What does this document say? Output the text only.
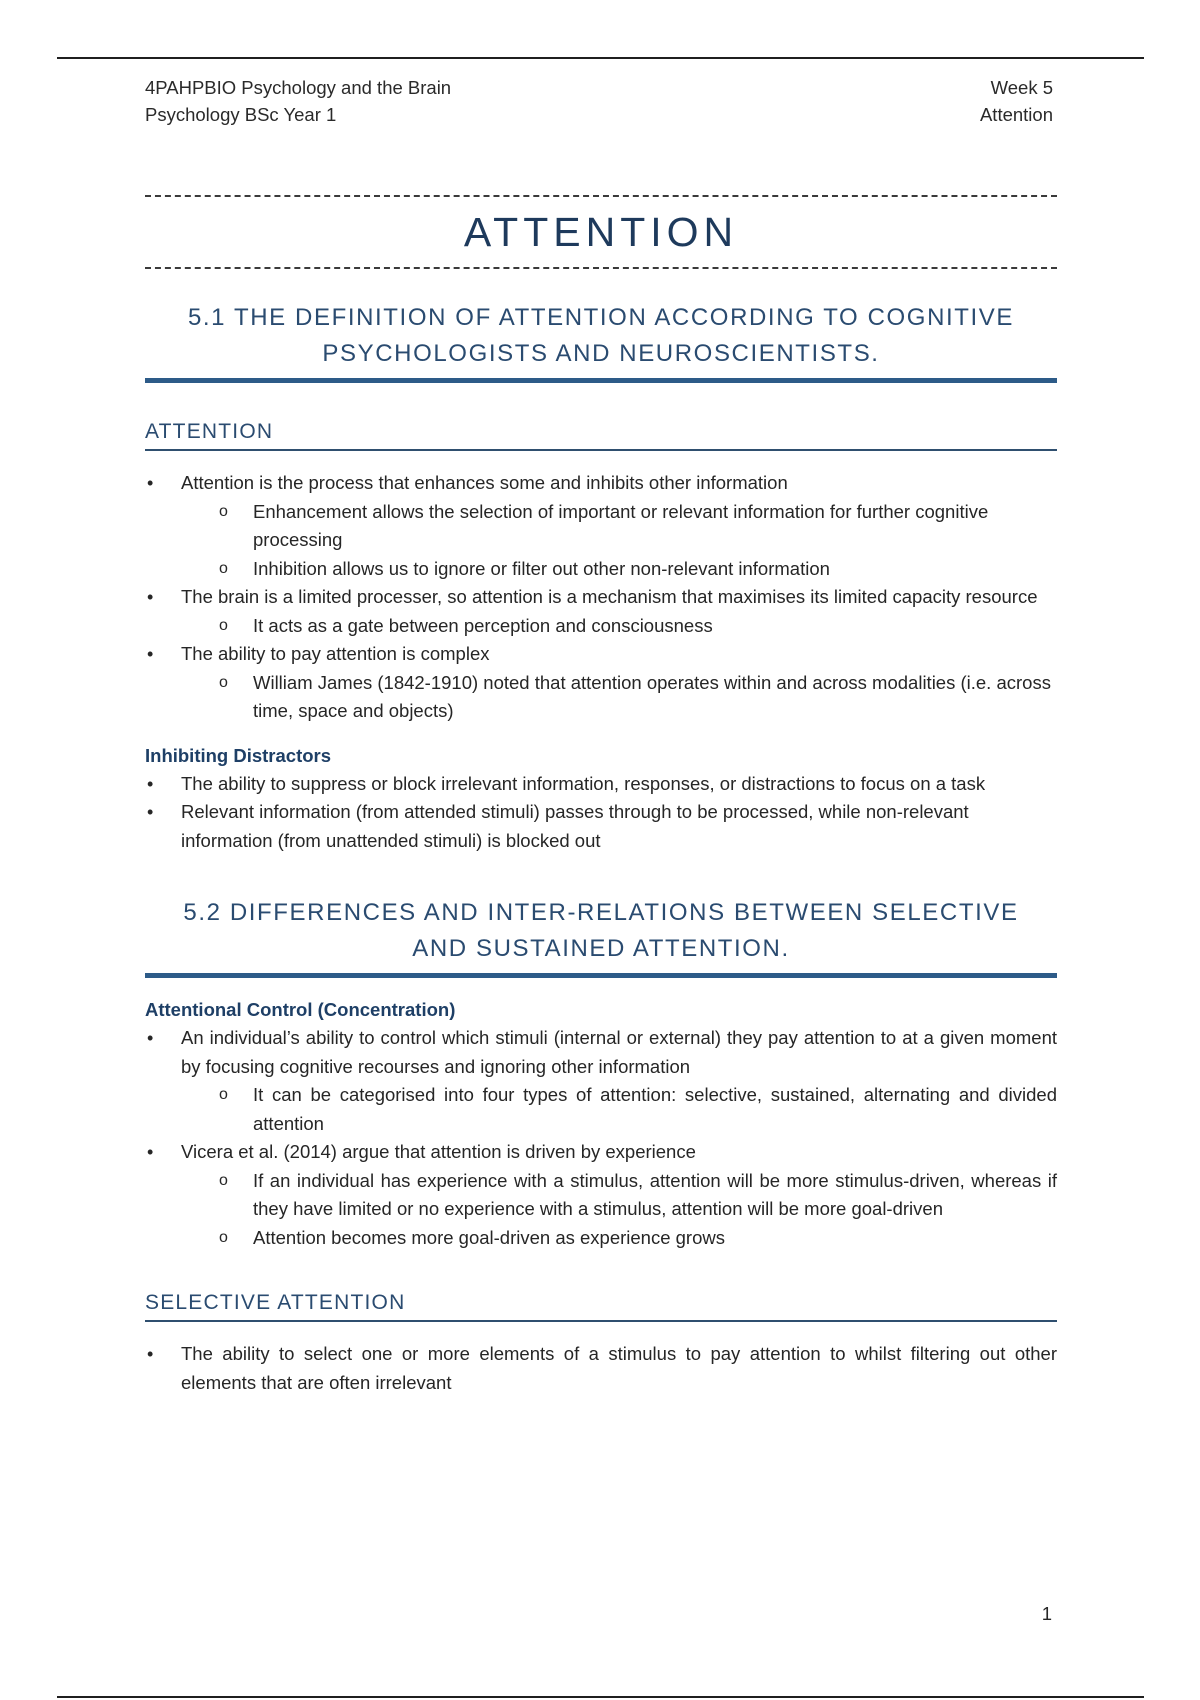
4PAHPBIO Psychology and the Brain
Psychology BSc Year 1
Week 5
Attention
ATTENTION
5.1 THE DEFINITION OF ATTENTION ACCORDING TO COGNITIVE
PSYCHOLOGISTS AND NEUROSCIENTISTS.
ATTENTION
• Attention is the process that enhances some and inhibits other information
o Enhancement allows the selection of important or relevant information for further cognitive processing
o Inhibition allows us to ignore or filter out other non-relevant information
• The brain is a limited processer, so attention is a mechanism that maximises its limited capacity resource
o It acts as a gate between perception and consciousness
• The ability to pay attention is complex
o William James (1842-1910) noted that attention operates within and across modalities (i.e. across time, space and objects)
Inhibiting Distractors
• The ability to suppress or block irrelevant information, responses, or distractions to focus on a task
• Relevant information (from attended stimuli) passes through to be processed, while non-relevant information (from unattended stimuli) is blocked out
5.2 DIFFERENCES AND INTER-RELATIONS BETWEEN SELECTIVE
AND SUSTAINED ATTENTION.
Attentional Control (Concentration)
• An individual’s ability to control which stimuli (internal or external) they pay attention to at a given moment by focusing cognitive recourses and ignoring other information
o It can be categorised into four types of attention: selective, sustained, alternating and divided attention
• Vicera et al. (2014) argue that attention is driven by experience
o If an individual has experience with a stimulus, attention will be more stimulus-driven, whereas if they have limited or no experience with a stimulus, attention will be more goal-driven
o Attention becomes more goal-driven as experience grows
SELECTIVE ATTENTION
• The ability to select one or more elements of a stimulus to pay attention to whilst filtering out other elements that are often irrelevant
1
